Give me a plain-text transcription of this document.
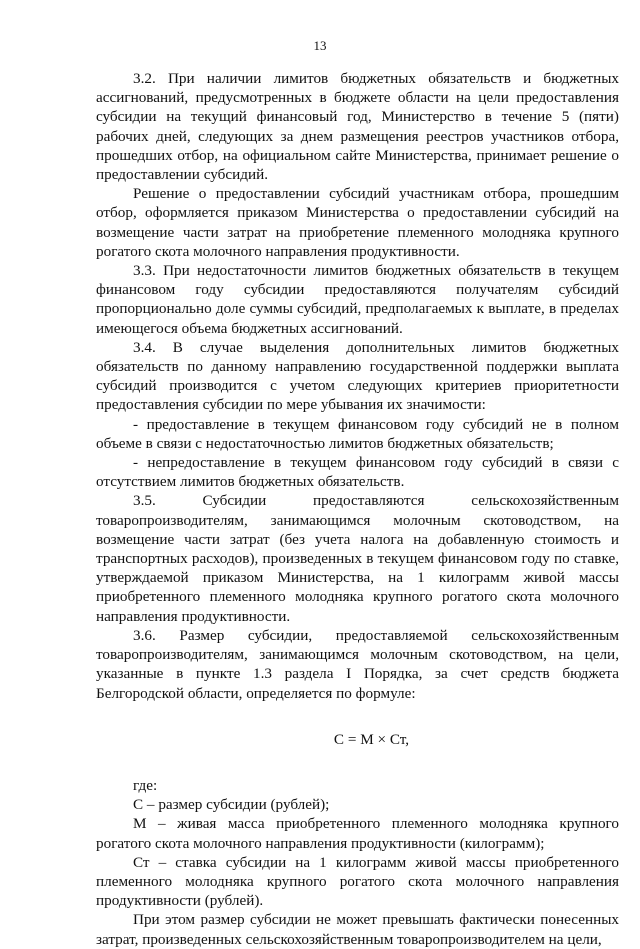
13

3.2. При наличии лимитов бюджетных обязательств и бюджетных ассигнований, предусмотренных в бюджете области на цели предоставления субсидии на текущий финансовый год, Министерство в течение 5 (пяти) рабочих дней, следующих за днем размещения реестров участников отбора, прошедших отбор, на официальном сайте Министерства, принимает решение о предоставлении субсидий.

Решение о предоставлении субсидий участникам отбора, прошедшим отбор, оформляется приказом Министерства о предоставлении субсидий на возмещение части затрат на приобретение племенного молодняка крупного рогатого скота молочного направления продуктивности.

3.3. При недостаточности лимитов бюджетных обязательств в текущем финансовом году субсидии предоставляются получателям субсидий пропорционально доле суммы субсидий, предполагаемых к выплате, в пределах имеющегося объема бюджетных ассигнований.

3.4. В случае выделения дополнительных лимитов бюджетных обязательств по данному направлению государственной поддержки выплата субсидий производится с учетом следующих критериев приоритетности предоставления субсидии по мере убывания их значимости:

- предоставление в текущем финансовом году субсидий не в полном объеме в связи с недостаточностью лимитов бюджетных обязательств;

- непредоставление в текущем финансовом году субсидий в связи с отсутствием лимитов бюджетных обязательств.

3.5. Субсидии предоставляются сельскохозяйственным товаропроизводителям, занимающимся молочным скотоводством, на возмещение части затрат (без учета налога на добавленную стоимость и транспортных расходов), произведенных в текущем финансовом году по ставке, утверждаемой приказом Министерства, на 1 килограмм живой массы приобретенного племенного молодняка крупного рогатого скота молочного направления продуктивности.

3.6. Размер субсидии, предоставляемой сельскохозяйственным товаропроизводителям, занимающимся молочным скотоводством, на цели, указанные в пункте 1.3 раздела I Порядка, за счет средств бюджета Белгородской области, определяется по формуле:

С = М × Ст,

где:

С – размер субсидии (рублей);

М – живая масса приобретенного племенного молодняка крупного рогатого скота молочного направления продуктивности (килограмм);

Ст – ставка субсидии на 1 килограмм живой массы приобретенного племенного молодняка крупного рогатого скота молочного направления продуктивности (рублей).

При этом размер субсидии не может превышать фактически понесенных затрат, произведенных сельскохозяйственным товаропроизводителем на цели,
